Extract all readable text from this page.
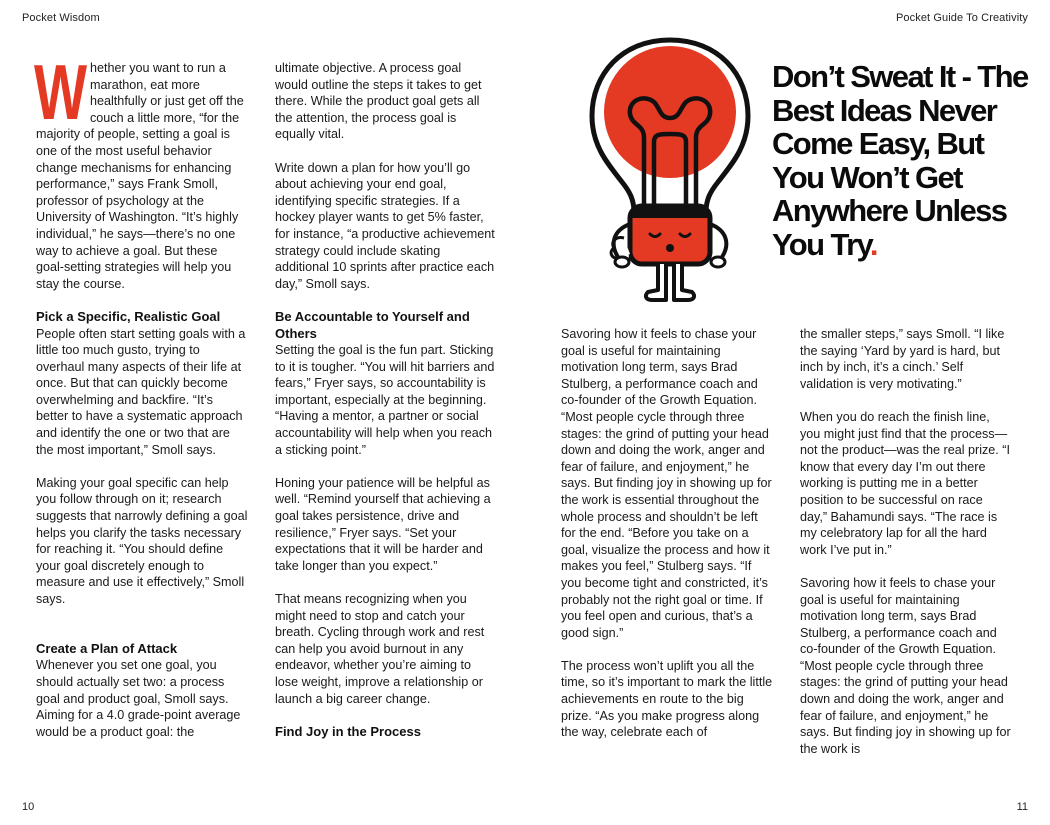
Pocket Wisdom	Pocket Guide To Creativity
W hether you want to run a marathon, eat more healthfully or just get off the couch a little more, “for the majority of people, setting a goal is one of the most useful behavior change mechanisms for enhancing performance,” says Frank Smoll, professor of psychology at the University of Washington. “It’s highly individual,” he says—there’s no one way to achieve a goal. But these goal-setting strategies will help you stay the course.

Pick a Specific, Realistic Goal

People often start setting goals with a little too much gusto, trying to overhaul many aspects of their life at once. But that can quickly become overwhelming and backfire. “It’s better to have a systematic approach and identify the one or two that are the most important,” Smoll says.

Making your goal specific can help you follow through on it; research suggests that narrowly defining a goal helps you clarify the tasks necessary for reaching it. “You should define your goal discretely enough to measure and use it effectively,” Smoll says.

Create a Plan of Attack

Whenever you set one goal, you should actually set two: a process goal and product goal, Smoll says. Aiming for a 4.0 grade-point average would be a product goal: the

ultimate objective. A process goal would outline the steps it takes to get there. While the product goal gets all the attention, the process goal is equally vital.

Write down a plan for how you’ll go about achieving your end goal, identifying specific strategies. If a hockey player wants to get 5% faster, for instance, “a productive achievement strategy could include skating additional 10 sprints after practice each day,” Smoll says.

Be Accountable to Yourself and Others

Setting the goal is the fun part. Sticking to it is tougher. “You will hit barriers and fears,” Fryer says, so accountability is important, especially at the beginning. “Having a mentor, a partner or social accountability will help when you reach a sticking point.”

Honing your patience will be helpful as well. “Remind yourself that achieving a goal takes persistence, drive and resilience,” Fryer says. “Set your expectations that it will be harder and take longer than you expect.”

That means recognizing when you might need to stop and catch your breath. Cycling through work and rest can help you avoid burnout in any endeavor, whether you’re aiming to lose weight, improve a relationship or launch a big career change.

Find Joy in the Process
Don’t Sweat It - The Best Ideas Never Come Easy, But You Won’t Get Anywhere Unless You Try.

Savoring how it feels to chase your goal is useful for maintaining motivation long term, says Brad Stulberg, a performance coach and co-founder of the Growth Equation. “Most people cycle through three stages: the grind of putting your head down and doing the work, anger and fear of failure, and enjoyment,” he says. But finding joy in showing up for the work is essential throughout the whole process and shouldn’t be left for the end. “Before you take on a goal, visualize the process and how it makes you feel,” Stulberg says. “If you become tight and constricted, it’s probably not the right goal or time. If you feel open and curious, that’s a good sign.”

The process won’t uplift you all the time, so it’s important to mark the little achievements en route to the big prize. “As you make progress along the way, celebrate each of

the smaller steps,” says Smoll. “I like the saying ‘Yard by yard is hard, but inch by inch, it’s a cinch.’ Self validation is very motivating.”

When you do reach the finish line, you might just find that the process—not the product—was the real prize. “I know that every day I’m out there working is putting me in a better position to be successful on race day,” Bahamundi says. “The race is my celebratory lap for all the hard work I’ve put in.”

Savoring how it feels to chase your goal is useful for maintaining motivation long term, says Brad Stulberg, a performance coach and co-founder of the Growth Equation. “Most people cycle through three stages: the grind of putting your head down and doing the work, anger and fear of failure, and enjoyment,” he says. But finding joy in showing up for the work is

10	11
